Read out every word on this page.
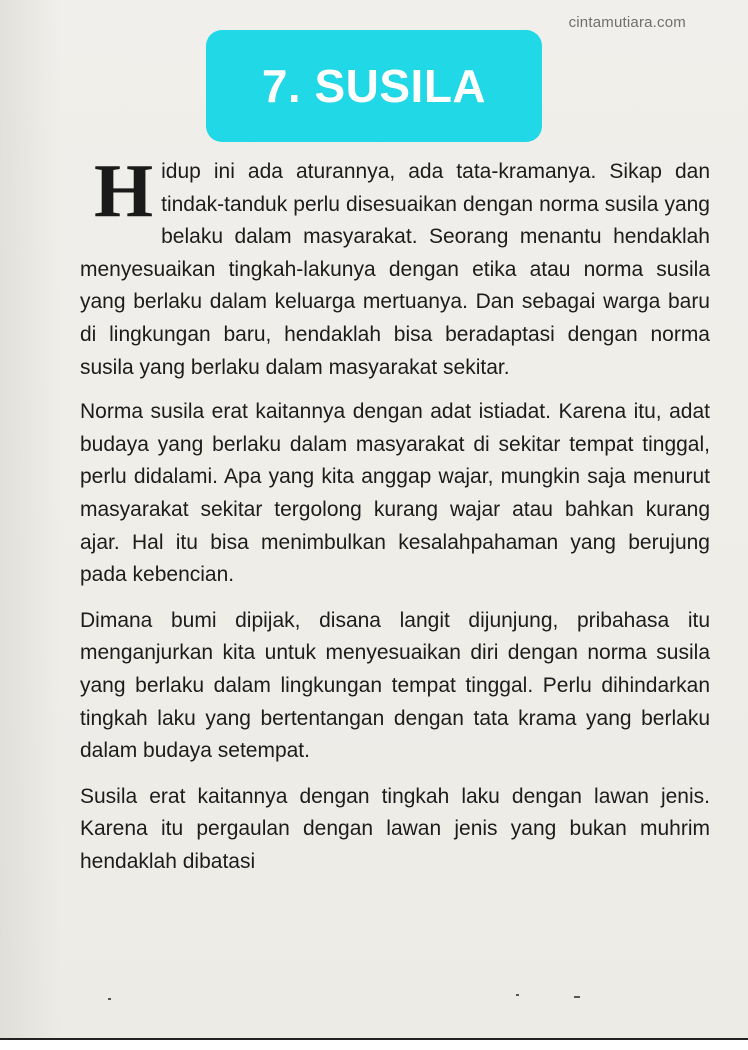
cintamutiara.com
7. SUSILA

Hidup ini ada aturannya, ada tata-kramanya. Sikap dan tindak-tanduk perlu disesuaikan dengan norma susila yang belaku dalam masyarakat. Seorang menantu hendaklah menyesuaikan tingkah-lakunya dengan etika atau norma susila yang berlaku dalam keluarga mertuanya. Dan sebagai warga baru di lingkungan baru, hendaklah bisa beradaptasi dengan norma susila yang berlaku dalam masyarakat sekitar.

Norma susila erat kaitannya dengan adat istiadat. Karena itu, adat budaya yang berlaku dalam masyarakat di sekitar tempat tinggal, perlu didalami. Apa yang kita anggap wajar, mungkin saja menurut masyarakat sekitar tergolong kurang wajar atau bahkan kurang ajar. Hal itu bisa menimbulkan kesalahpahaman yang berujung pada kebencian.

Dimana bumi dipijak, disana langit dijunjung, pribahasa itu menganjurkan kita untuk menyesuaikan diri dengan norma susila yang berlaku dalam lingkungan tempat tinggal. Perlu dihindarkan tingkah laku yang bertentangan dengan tata krama yang berlaku dalam budaya setempat.

Susila erat kaitannya dengan tingkah laku dengan lawan jenis. Karena itu pergaulan dengan lawan jenis yang bukan muhrim hendaklah dibatasi
